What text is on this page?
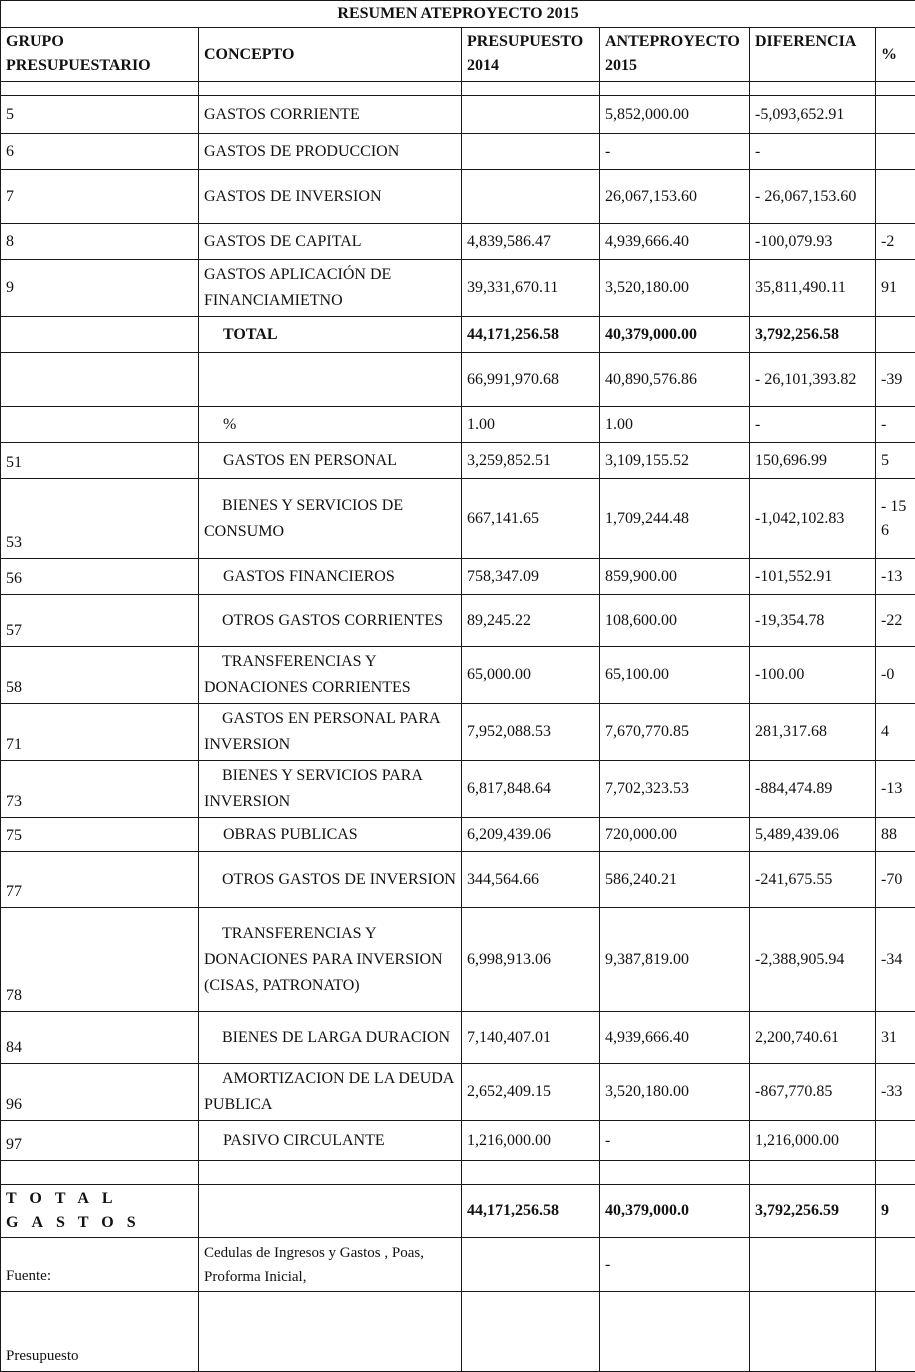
RESUMEN ATEPROYECTO 2015					
GRUPO PRESUPUESTARIO	CONCEPTO	PRESUPUESTO 2014	ANTEPROYECTO 2015	DIFERENCIA	%

5	GASTOS CORRIENTE		5,852,000.00	-5,093,652.91	
6	GASTOS DE PRODUCCION		-	-	
7	GASTOS DE INVERSION		26,067,153.60	- 26,067,153.60	
8	GASTOS DE CAPITAL	4,839,586.47	4,939,666.40	-100,079.93	-2
9	GASTOS APLICACIÓN DE FINANCIAMIETNO	39,331,670.11	3,520,180.00	35,811,490.11	91
	TOTAL	44,171,256.58	40,379,000.00	3,792,256.58	
		66,991,970.68	40,890,576.86	- 26,101,393.82	-39
	%	1.00	1.00	-	-
51	GASTOS EN PERSONAL	3,259,852.51	3,109,155.52	150,696.99	5
53	BIENES Y SERVICIOS DE CONSUMO	667,141.65	1,709,244.48	-1,042,102.83	- 15 6
56	GASTOS FINANCIEROS	758,347.09	859,900.00	-101,552.91	-13
57	OTROS GASTOS CORRIENTES	89,245.22	108,600.00	-19,354.78	-22
58	TRANSFERENCIAS Y DONACIONES CORRIENTES	65,000.00	65,100.00	-100.00	-0
71	GASTOS EN PERSONAL PARA INVERSION	7,952,088.53	7,670,770.85	281,317.68	4
73	BIENES Y SERVICIOS PARA INVERSION	6,817,848.64	7,702,323.53	-884,474.89	-13
75	OBRAS PUBLICAS	6,209,439.06	720,000.00	5,489,439.06	88
77	OTROS GASTOS DE INVERSION	344,564.66	586,240.21	-241,675.55	-70
78	TRANSFERENCIAS Y DONACIONES PARA INVERSION (CISAS, PATRONATO)	6,998,913.06	9,387,819.00	-2,388,905.94	-34
84	BIENES DE LARGA DURACION	7,140,407.01	4,939,666.40	2,200,740.61	31
96	AMORTIZACION DE LA DEUDA PUBLICA	2,652,409.15	3,520,180.00	-867,770.85	-33
97	PASIVO CIRCULANTE	1,216,000.00	-	1,216,000.00	

TOTAL GASTOS		44,171,256.58	40,379,000.0	3,792,256.59	9
Fuente:	Cedulas de Ingresos y Gastos , Poas, Proforma Inicial,		-		
Presupuesto					
